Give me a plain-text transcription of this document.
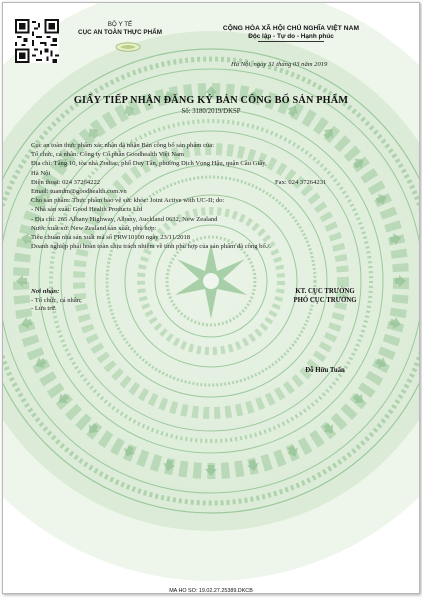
BỘ Y TẾ
CỤC AN TOÀN THỰC PHẨM
CỘNG HÒA XÃ HỘI CHỦ NGHĨA VIỆT NAM
Độc lập - Tự do - Hạnh phúc
Hà Nội, ngày 31 tháng 03 năm 2019
GIẤY TIẾP NHẬN ĐĂNG KÝ BẢN CÔNG BỐ SẢN PHẨM
Số: 3180/2019/DKSP
Cục an toàn thực phẩm xác nhận đã nhận Bản công bố sản phẩm của:
Tổ chức, cá nhân: Công ty Cổ phần Goodhealth Việt Nam
Địa chỉ: Tầng 10, tòa nhà Zodiac, phố Duy Tân, phường Dịch Vọng Hậu, quận Cầu Giấy,
Hà Nội
Điện thoại: 024 37264222	Fax: 024 37264231
Email: tuandm@goodhealth.com.vn
Cho sản phẩm: Thực phẩm bảo vệ sức khỏe: Joint Active with UC-II; do:
- Nhà sản xuất: Good Health Products Ltd
- Địa chỉ: 265 Albany Highway, Albany, Auckland 0632, New Zealand
Nước xuất xứ: New Zealand sản xuất, phù hợp:
Tiêu chuẩn nhà sản xuất mã số FRW10100 ngày 23/11/2018
Doanh nghiệp phải hoàn toàn chịu trách nhiệm về tính phù hợp của sản phẩm đã công bố./.
Nơi nhận:
- Tổ chức, cá nhân;
- Lưu trữ.
KT. CỤC TRƯỞNG
PHÓ CỤC TRƯỞNG
Đỗ Hữu Tuấn
MA HO SO: 19.02.27.25389.DKCB
